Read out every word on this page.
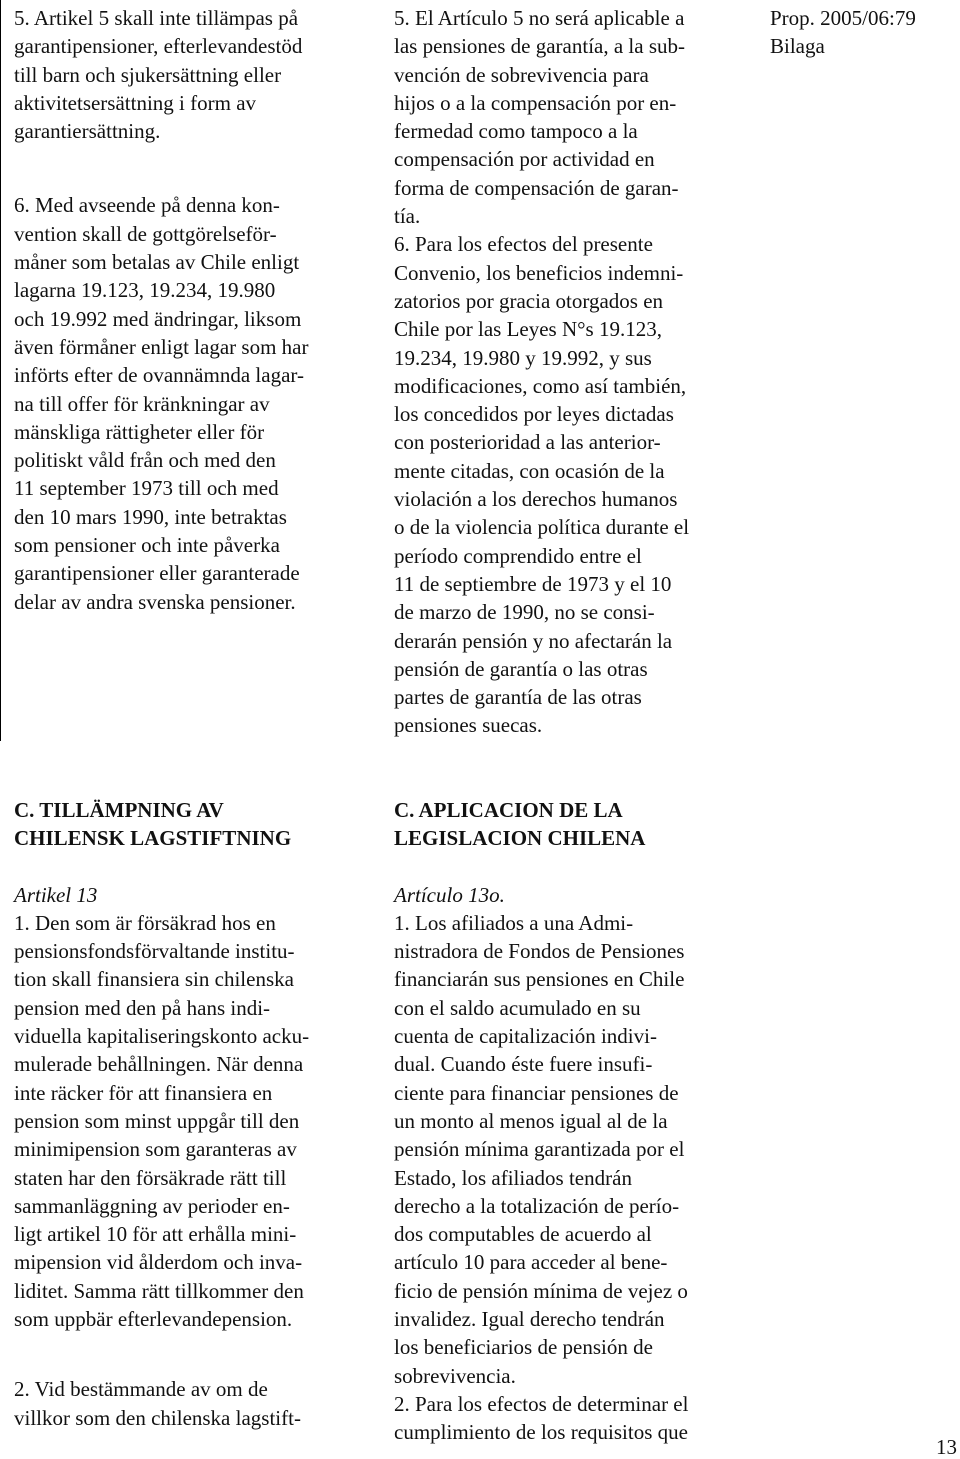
5. Artikel 5 skall inte tillämpas på
garantipensioner, efterlevandestöd
till barn och sjukersättning eller
aktivitetsersättning i form av
garantiersättning.

6. Med avseende på denna kon-
vention skall de gottgörelseför-
måner som betalas av Chile enligt
lagarna 19.123, 19.234, 19.980
och 19.992 med ändringar, liksom
även förmåner enligt lagar som har
införts efter de ovannämnda lagar-
na till offer för kränkningar av
mänskliga rättigheter eller för
politiskt våld från och med den
11 september 1973 till och med
den 10 mars 1990, inte betraktas
som pensioner och inte påverka
garantipensioner eller garanterade
delar av andra svenska pensioner.

5. El Artículo 5 no será aplicable a
las pensiones de garantía, a la sub-
vención de sobrevivencia para
hijos o a la compensación por en-
fermedad como tampoco a la
compensación por actividad en
forma de compensación de garan-
tía.

6. Para los efectos del presente
Convenio, los beneficios indemni-
zatorios por gracia otorgados en
Chile por las Leyes N°s 19.123,
19.234, 19.980 y 19.992, y sus
modificaciones, como así también,
los concedidos por leyes dictadas
con posterioridad a las anterior-
mente citadas, con ocasión de la
violación a los derechos humanos
o de la violencia política durante el
período comprendido entre el
11 de septiembre de 1973 y el 10
de marzo de 1990, no se consi-
derarán pensión y no afectarán la
pensión de garantía o las otras
partes de garantía de las otras
pensiones suecas.

Prop. 2005/06:79
Bilaga

C. TILLÄMPNING AV
CHILENSK LAGSTIFTNING

Artikel 13

1. Den som är försäkrad hos en
pensionsfondsförvaltande institu-
tion skall finansiera sin chilenska
pension med den på hans indi-
viduella kapitaliseringskonto acku-
mulerade behållningen. När denna
inte räcker för att finansiera en
pension som minst uppgår till den
minimipension som garanteras av
staten har den försäkrade rätt till
sammanläggning av perioder en-
ligt artikel 10 för att erhålla mini-
mipension vid ålderdom och inva-
liditet. Samma rätt tillkommer den
som uppbär efterlevandepension.

2. Vid bestämmande av om de
villkor som den chilenska lagstift-

C. APLICACION DE LA
LEGISLACION CHILENA

Artículo 13o.

1. Los afiliados a una Admi-
nistradora de Fondos de Pensiones
financiarán sus pensiones en Chile
con el saldo acumulado en su
cuenta de capitalización indivi-
dual. Cuando éste fuere insufi-
ciente para financiar pensiones de
un monto al menos igual al de la
pensión mínima garantizada por el
Estado, los afiliados tendrán
derecho a la totalización de perío-
dos computables de acuerdo al
artículo 10 para acceder al bene-
ficio de pensión mínima de vejez o
invalidez. Igual derecho tendrán
los beneficiarios de pensión de
sobrevivencia.

2. Para los efectos de determinar el
cumplimiento de los requisitos que

13
